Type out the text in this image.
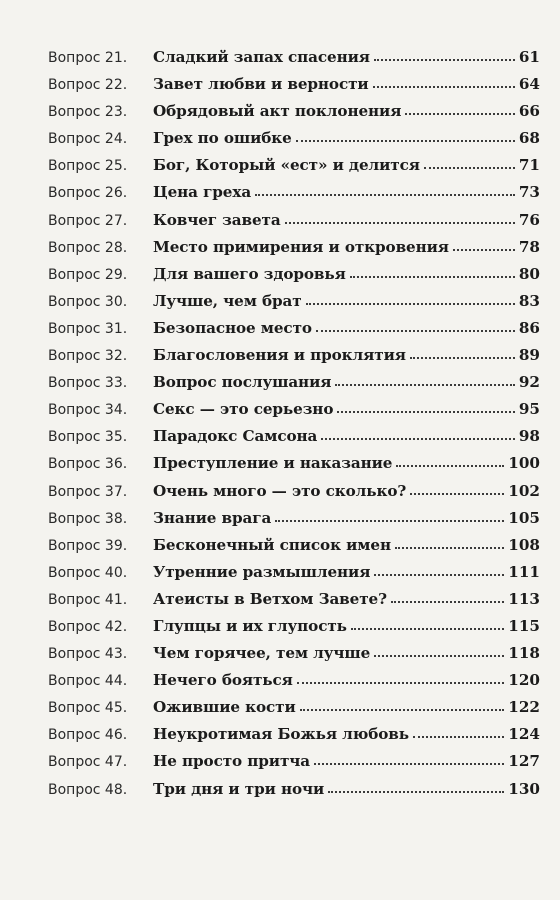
Вопрос 21. Сладкий запах спасения	61
Вопрос 22. Завет любви и верности	64
Вопрос 23. Обрядовый акт поклонения	66
Вопрос 24. Грех по ошибке	68
Вопрос 25. Бог, Который «ест» и делится	71
Вопрос 26. Цена греха	73
Вопрос 27. Ковчег завета	76
Вопрос 28. Место примирения и откровения	78
Вопрос 29. Для вашего здоровья	80
Вопрос 30. Лучше, чем брат	83
Вопрос 31. Безопасное место	86
Вопрос 32. Благословения и проклятия	89
Вопрос 33. Вопрос послушания	92
Вопрос 34. Секс — это серьезно	95
Вопрос 35. Парадокс Самсона	98
Вопрос 36. Преступление и наказание	100
Вопрос 37. Очень много — это сколько?	102
Вопрос 38. Знание врага	105
Вопрос 39. Бесконечный список имен	108
Вопрос 40. Утренние размышления	111
Вопрос 41. Атеисты в Ветхом Завете?	113
Вопрос 42. Глупцы и их глупость	115
Вопрос 43. Чем горячее, тем лучше	118
Вопрос 44. Нечего бояться	120
Вопрос 45. Ожившие кости	122
Вопрос 46. Неукротимая Божья любовь	124
Вопрос 47. Не просто притча	127
Вопрос 48. Три дня и три ночи	130
